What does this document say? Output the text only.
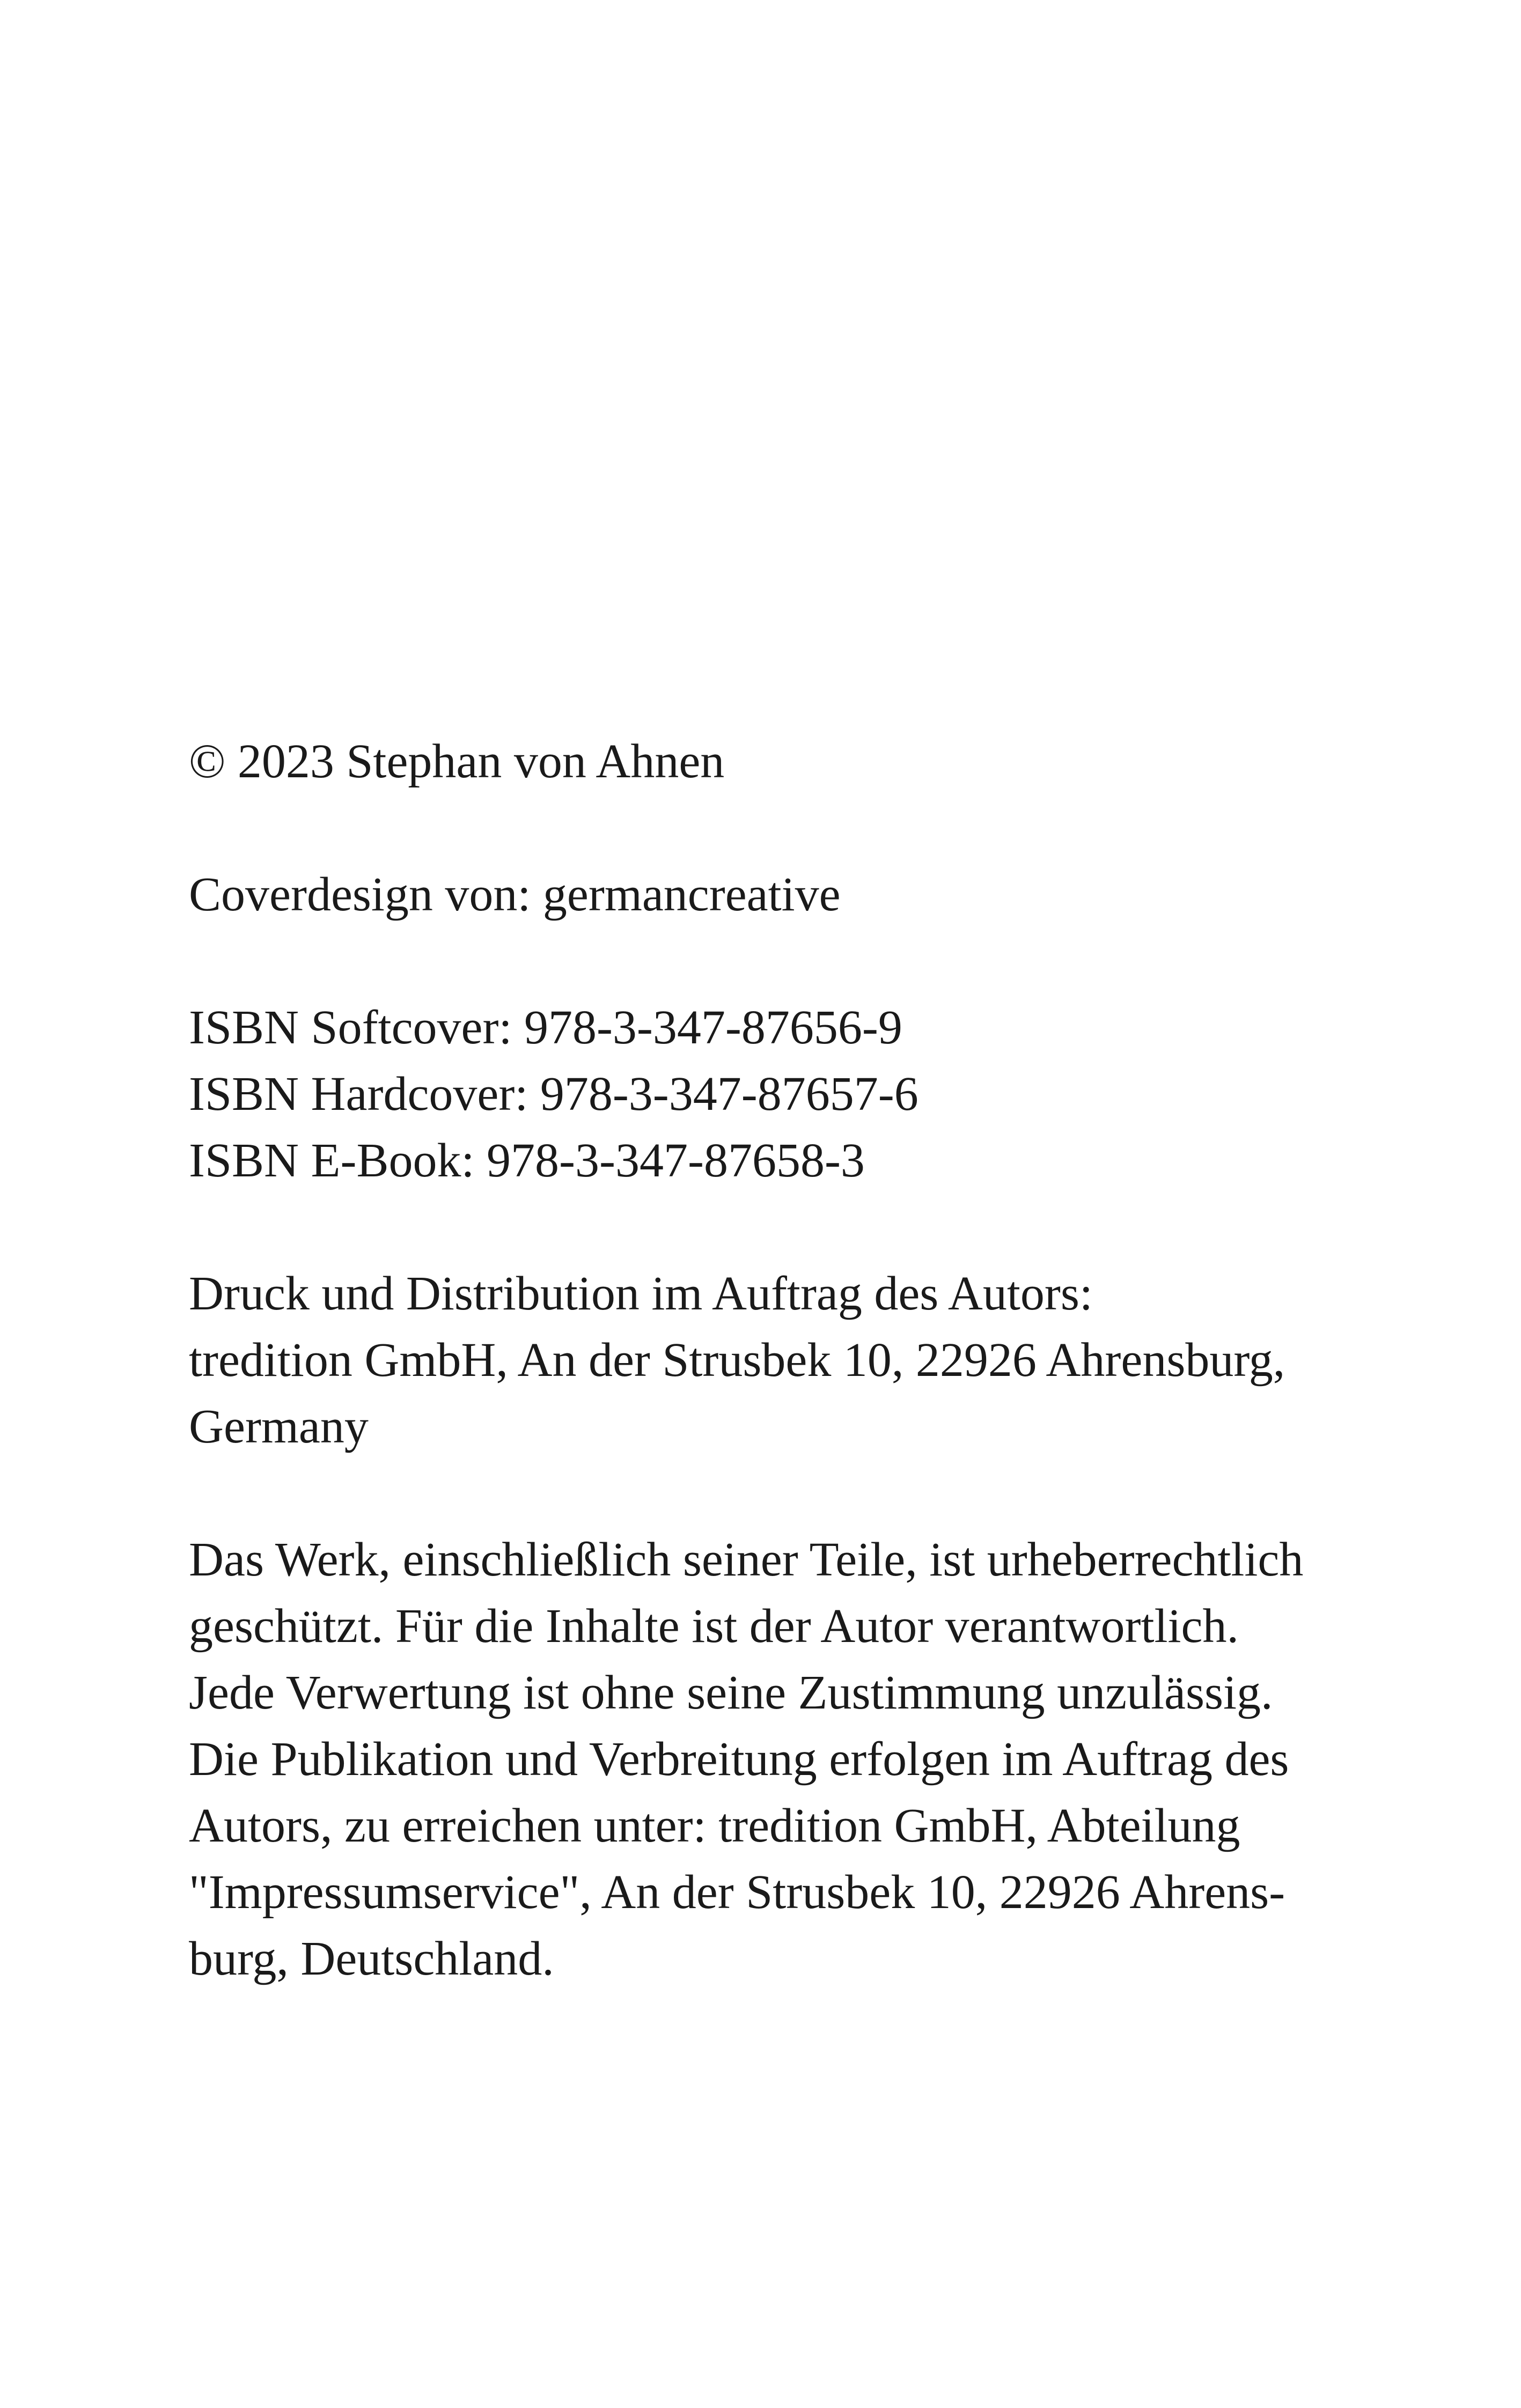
© 2023 Stephan von Ahnen
Coverdesign von: germancreative
ISBN Softcover: 978-3-347-87656-9
ISBN Hardcover: 978-3-347-87657-6
ISBN E-Book: 978-3-347-87658-3
Druck und Distribution im Auftrag des Autors:
tredition GmbH, An der Strusbek 10, 22926 Ahrensburg,
Germany
Das Werk, einschließlich seiner Teile, ist urheberrechtlich
geschützt. Für die Inhalte ist der Autor verantwortlich.
Jede Verwertung ist ohne seine Zustimmung unzulässig.
Die Publikation und Verbreitung erfolgen im Auftrag des
Autors, zu erreichen unter: tredition GmbH, Abteilung
"Impressumservice", An der Strusbek 10, 22926 Ahrens-
burg, Deutschland.
